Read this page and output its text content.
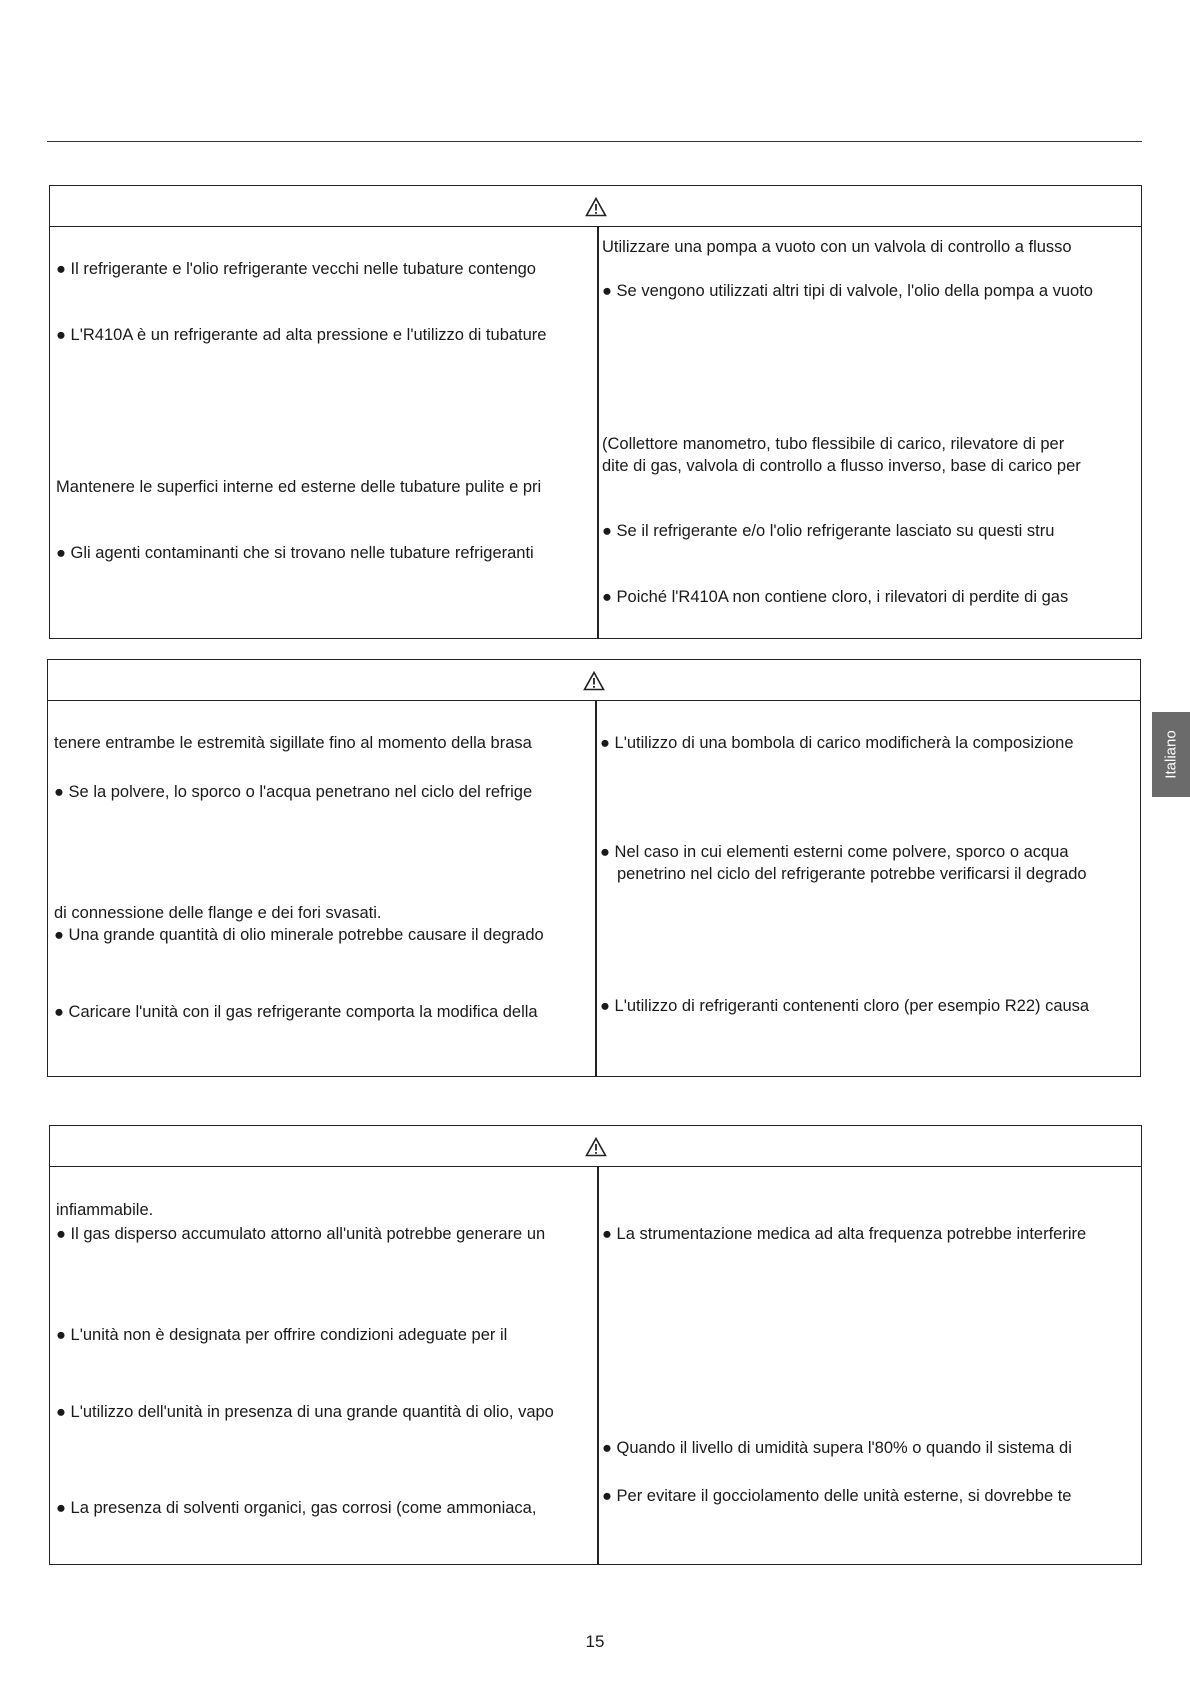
● Il refrigerante e l'olio refrigerante vecchi nelle tubature contengo
● L'R410A è un refrigerante ad alta pressione e l'utilizzo di tubature
Mantenere le superfici interne ed esterne delle tubature pulite e pri
● Gli agenti contaminanti che si trovano nelle tubature refrigeranti
Utilizzare una pompa a vuoto con un valvola di controllo a flusso
● Se vengono utilizzati altri tipi di valvole, l'olio della pompa a vuoto
(Collettore manometro, tubo flessibile di carico, rilevatore di per
dite di gas, valvola di controllo a flusso inverso, base di carico per
● Se il refrigerante e/o l'olio refrigerante lasciato su questi stru
● Poiché l'R410A non contiene cloro, i rilevatori di perdite di gas
tenere entrambe le estremità sigillate fino al momento della brasa
● Se la polvere, lo sporco o l'acqua penetrano nel ciclo del refrige
di connessione delle flange e dei fori svasati.
● Una grande quantità di olio minerale potrebbe causare il degrado
● Caricare l'unità con il gas refrigerante comporta la modifica della
● L'utilizzo di una bombola di carico modificherà la composizione
● Nel caso in cui elementi esterni come polvere, sporco o acqua
penetrino nel ciclo del refrigerante potrebbe verificarsi il degrado
● L'utilizzo di refrigeranti contenenti cloro (per esempio R22) causa
infiammabile.
● Il gas disperso accumulato attorno all'unità potrebbe generare un
● L'unità non è designata per offrire condizioni adeguate per il
● L'utilizzo dell'unità in presenza di una grande quantità di olio, vapo
● La presenza di solventi organici, gas corrosi (come ammoniaca,
● La strumentazione medica ad alta frequenza potrebbe interferire
● Quando il livello di umidità supera l'80% o quando il sistema di
● Per evitare il gocciolamento delle unità esterne, si dovrebbe te
Italiano
15
